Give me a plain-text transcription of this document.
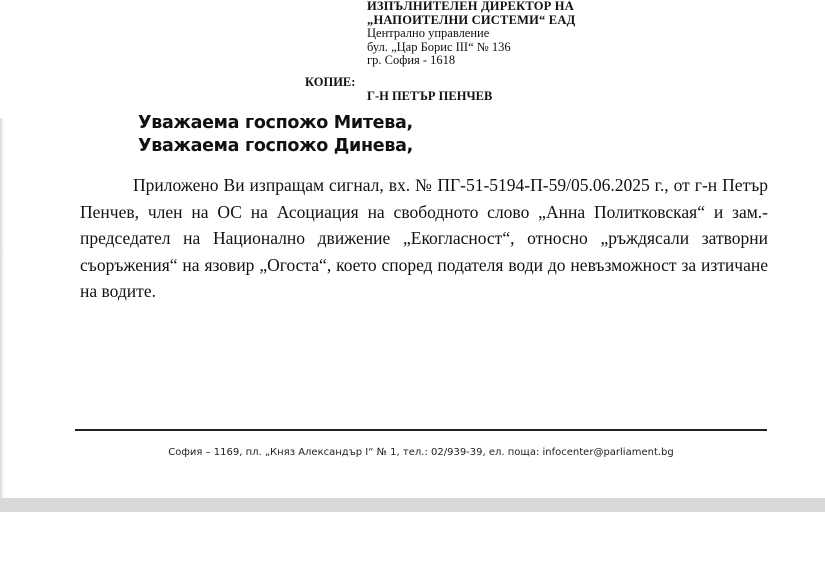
ИЗПЪЛНИТЕЛЕН ДИРЕКТОР НА
„НАПОИТЕЛНИ СИСТЕМИ“ ЕАД
Централно управление
бул. „Цар Борис III“ № 136
гр. София - 1618
КОПИЕ:
Г-Н ПЕТЪР ПЕНЧЕВ
Уважаема госпожо Митева,
Уважаема госпожо Динева,
Приложено Ви изпращам сигнал, вх. № ПГ-51-5194-П-59/05.06.2025 г., от г-н Петър Пенчев, член на ОС на Асоциация на свободното слово „Анна Политковская“ и зам.-председател на Национално движение „Екогласност“, относно „ръждясали затворни съоръжения“ на язовир „Огоста“, което според подателя води до невъзможност за изтичане на водите.
София – 1169, пл. „Княз Александър I“ № 1, тел.: 02/939-39, ел. поща: infocenter@parliament.bg
